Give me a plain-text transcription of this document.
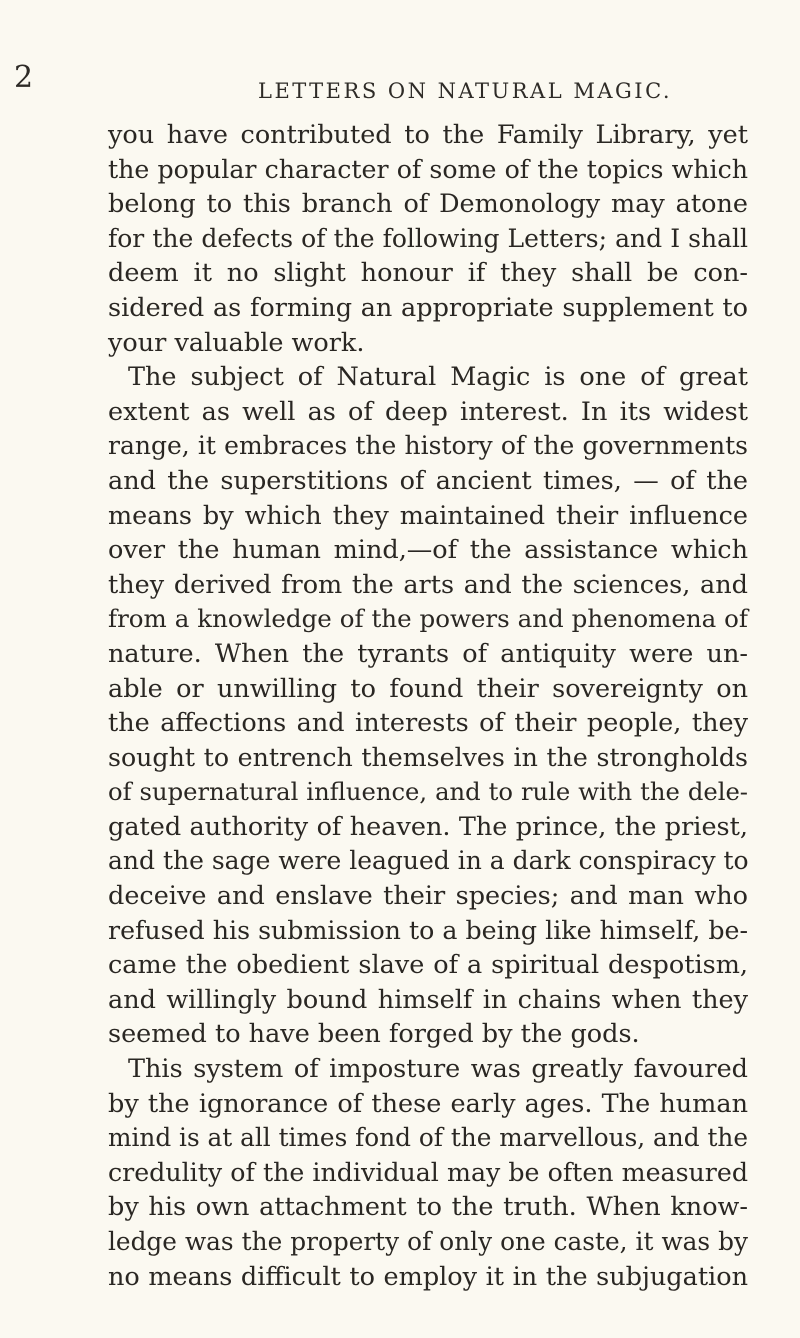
2	LETTERS ON NATURAL MAGIC.
you have contributed to the Family Library, yet
the popular character of some of the topics which
belong to this branch of Demonology may atone
for the defects of the following Letters; and I shall
deem it no slight honour if they shall be con-
sidered as forming an appropriate supplement to
your valuable work.
The subject of Natural Magic is one of great
extent as well as of deep interest. In its widest
range, it embraces the history of the governments
and the superstitions of ancient times, — of the
means by which they maintained their influence
over the human mind,—of the assistance which
they derived from the arts and the sciences, and
from a knowledge of the powers and phenomena of
nature. When the tyrants of antiquity were un-
able or unwilling to found their sovereignty on
the affections and interests of their people, they
sought to entrench themselves in the strongholds
of supernatural influence, and to rule with the dele-
gated authority of heaven. The prince, the priest,
and the sage were leagued in a dark conspiracy to
deceive and enslave their species; and man who
refused his submission to a being like himself, be-
came the obedient slave of a spiritual despotism,
and willingly bound himself in chains when they
seemed to have been forged by the gods.
This system of imposture was greatly favoured
by the ignorance of these early ages. The human
mind is at all times fond of the marvellous, and the
credulity of the individual may be often measured
by his own attachment to the truth. When know-
ledge was the property of only one caste, it was by
no means difficult to employ it in the subjugation
